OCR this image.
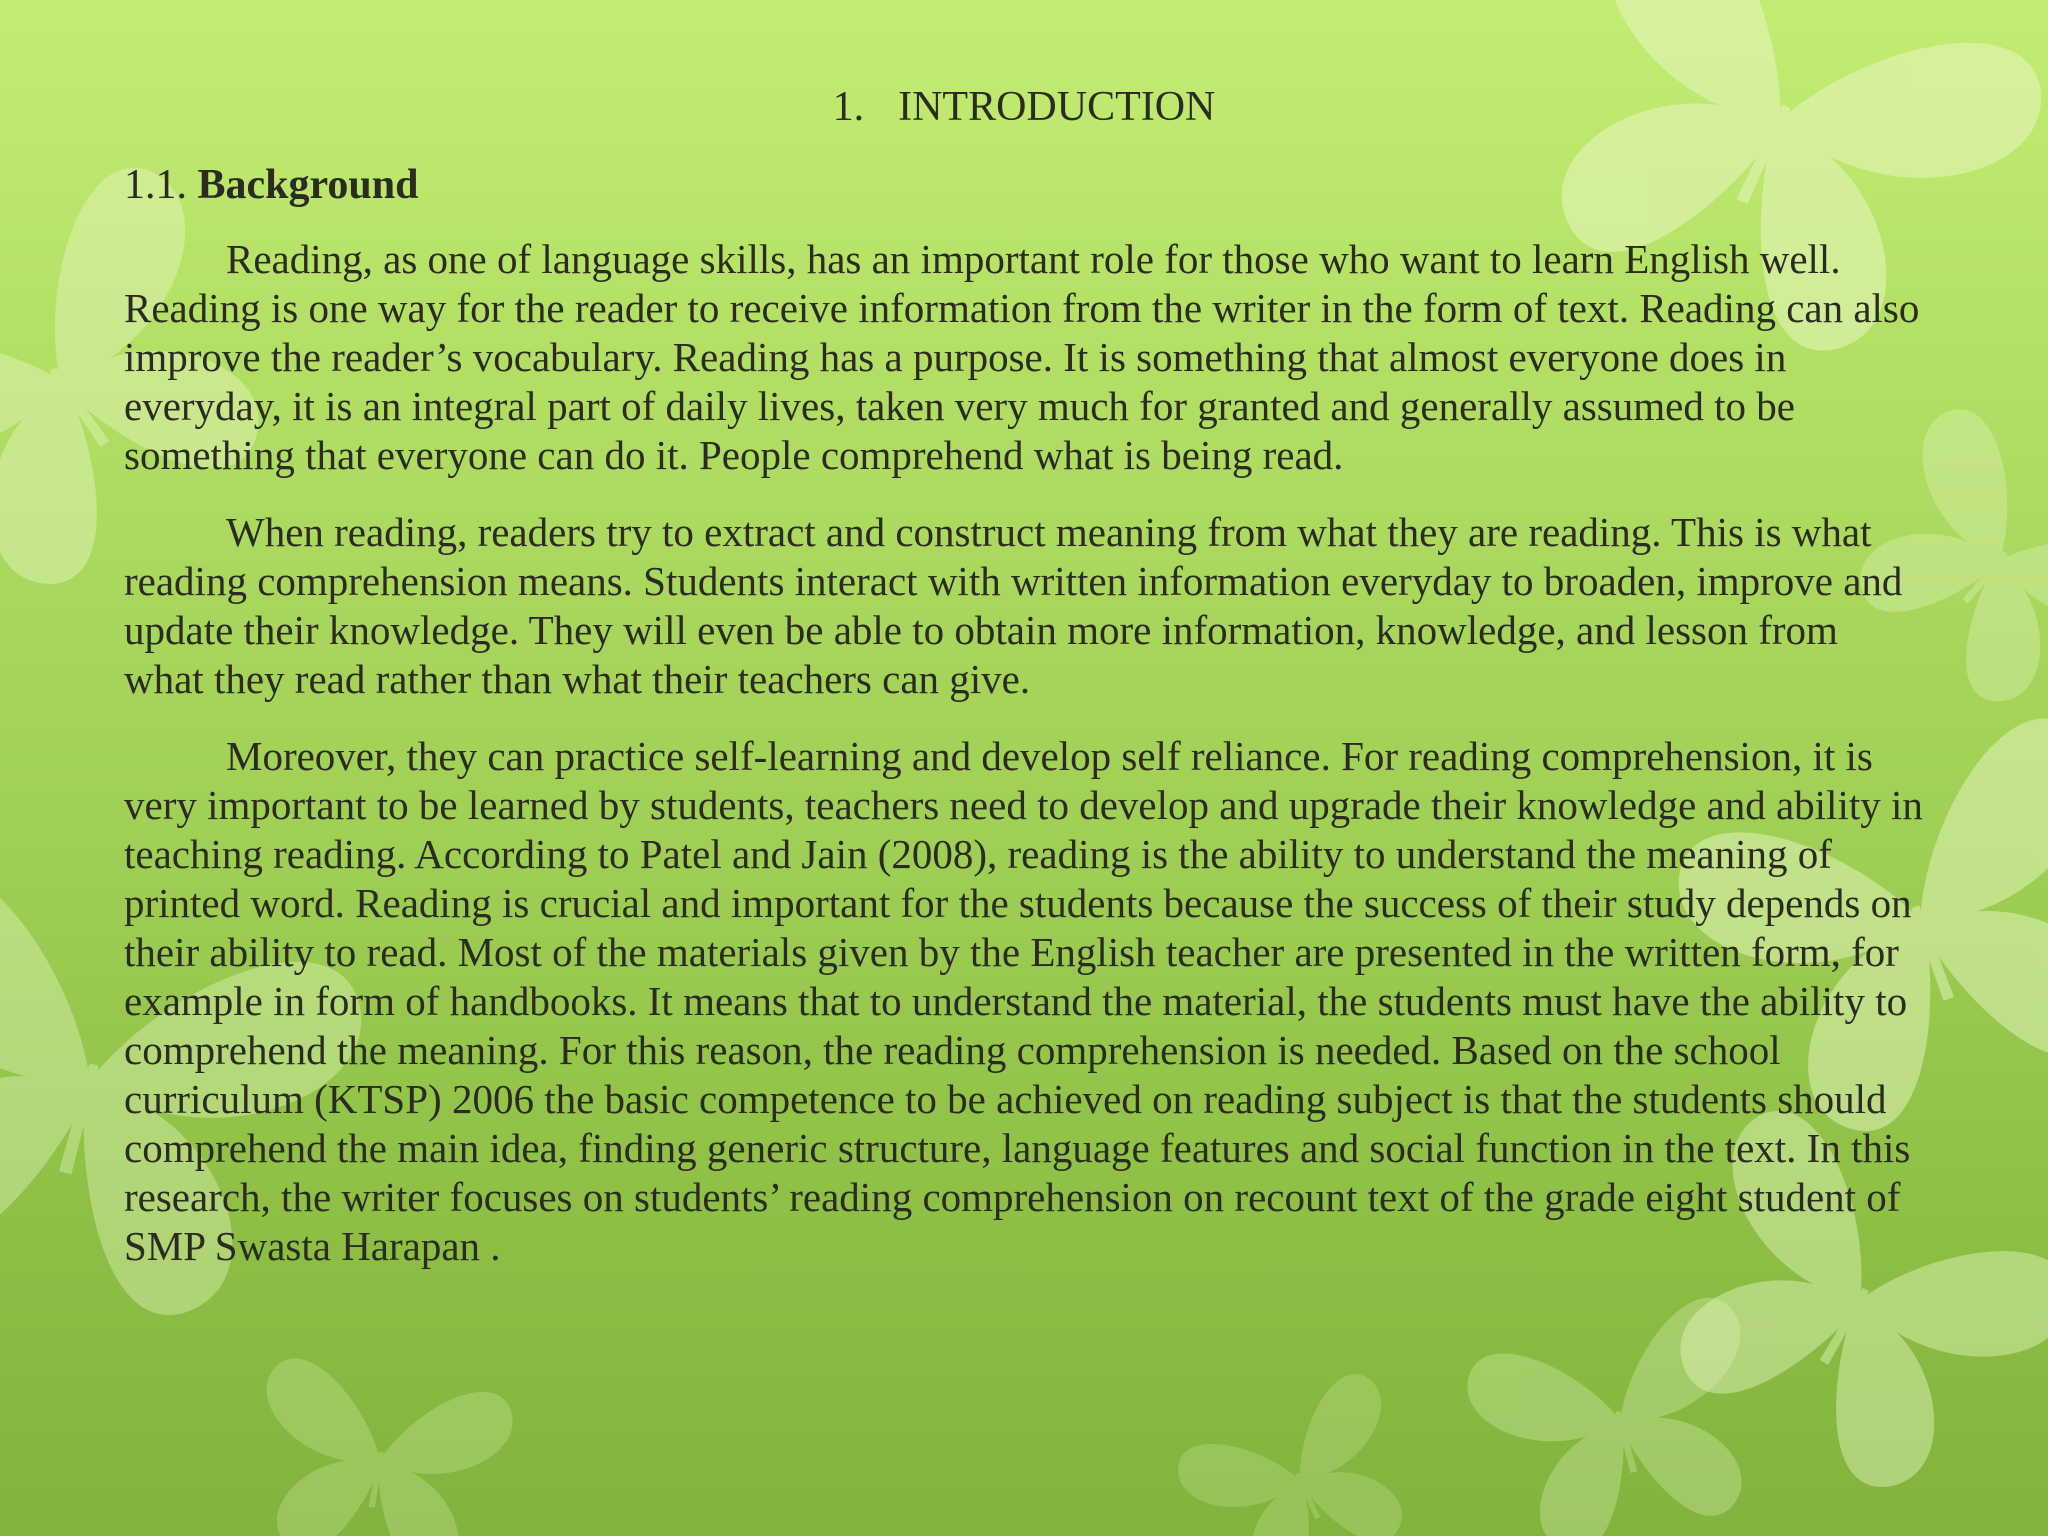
1. INTRODUCTION
1.1. Background

Reading, as one of language skills, has an important role for those who want to learn English well. Reading is one way for the reader to receive information from the writer in the form of text. Reading can also improve the reader’s vocabulary. Reading has a purpose. It is something that almost everyone does in everyday, it is an integral part of daily lives, taken very much for granted and generally assumed to be something that everyone can do it. People comprehend what is being read.

When reading, readers try to extract and construct meaning from what they are reading. This is what reading comprehension means. Students interact with written information everyday to broaden, improve and update their knowledge. They will even be able to obtain more information, knowledge, and lesson from what they read rather than what their teachers can give.

Moreover, they can practice self-learning and develop self reliance. For reading comprehension, it is very important to be learned by students, teachers need to develop and upgrade their knowledge and ability in teaching reading. According to Patel and Jain (2008), reading is the ability to understand the meaning of printed word. Reading is crucial and important for the students because the success of their study depends on their ability to read. Most of the materials given by the English teacher are presented in the written form, for example in form of handbooks. It means that to understand the material, the students must have the ability to comprehend the meaning. For this reason, the reading comprehension is needed. Based on the school curriculum (KTSP) 2006 the basic competence to be achieved on reading subject is that the students should comprehend the main idea, finding generic structure, language features and social function in the text. In this research, the writer focuses on students’ reading comprehension on recount text of the grade eight student of SMP Swasta Harapan .
